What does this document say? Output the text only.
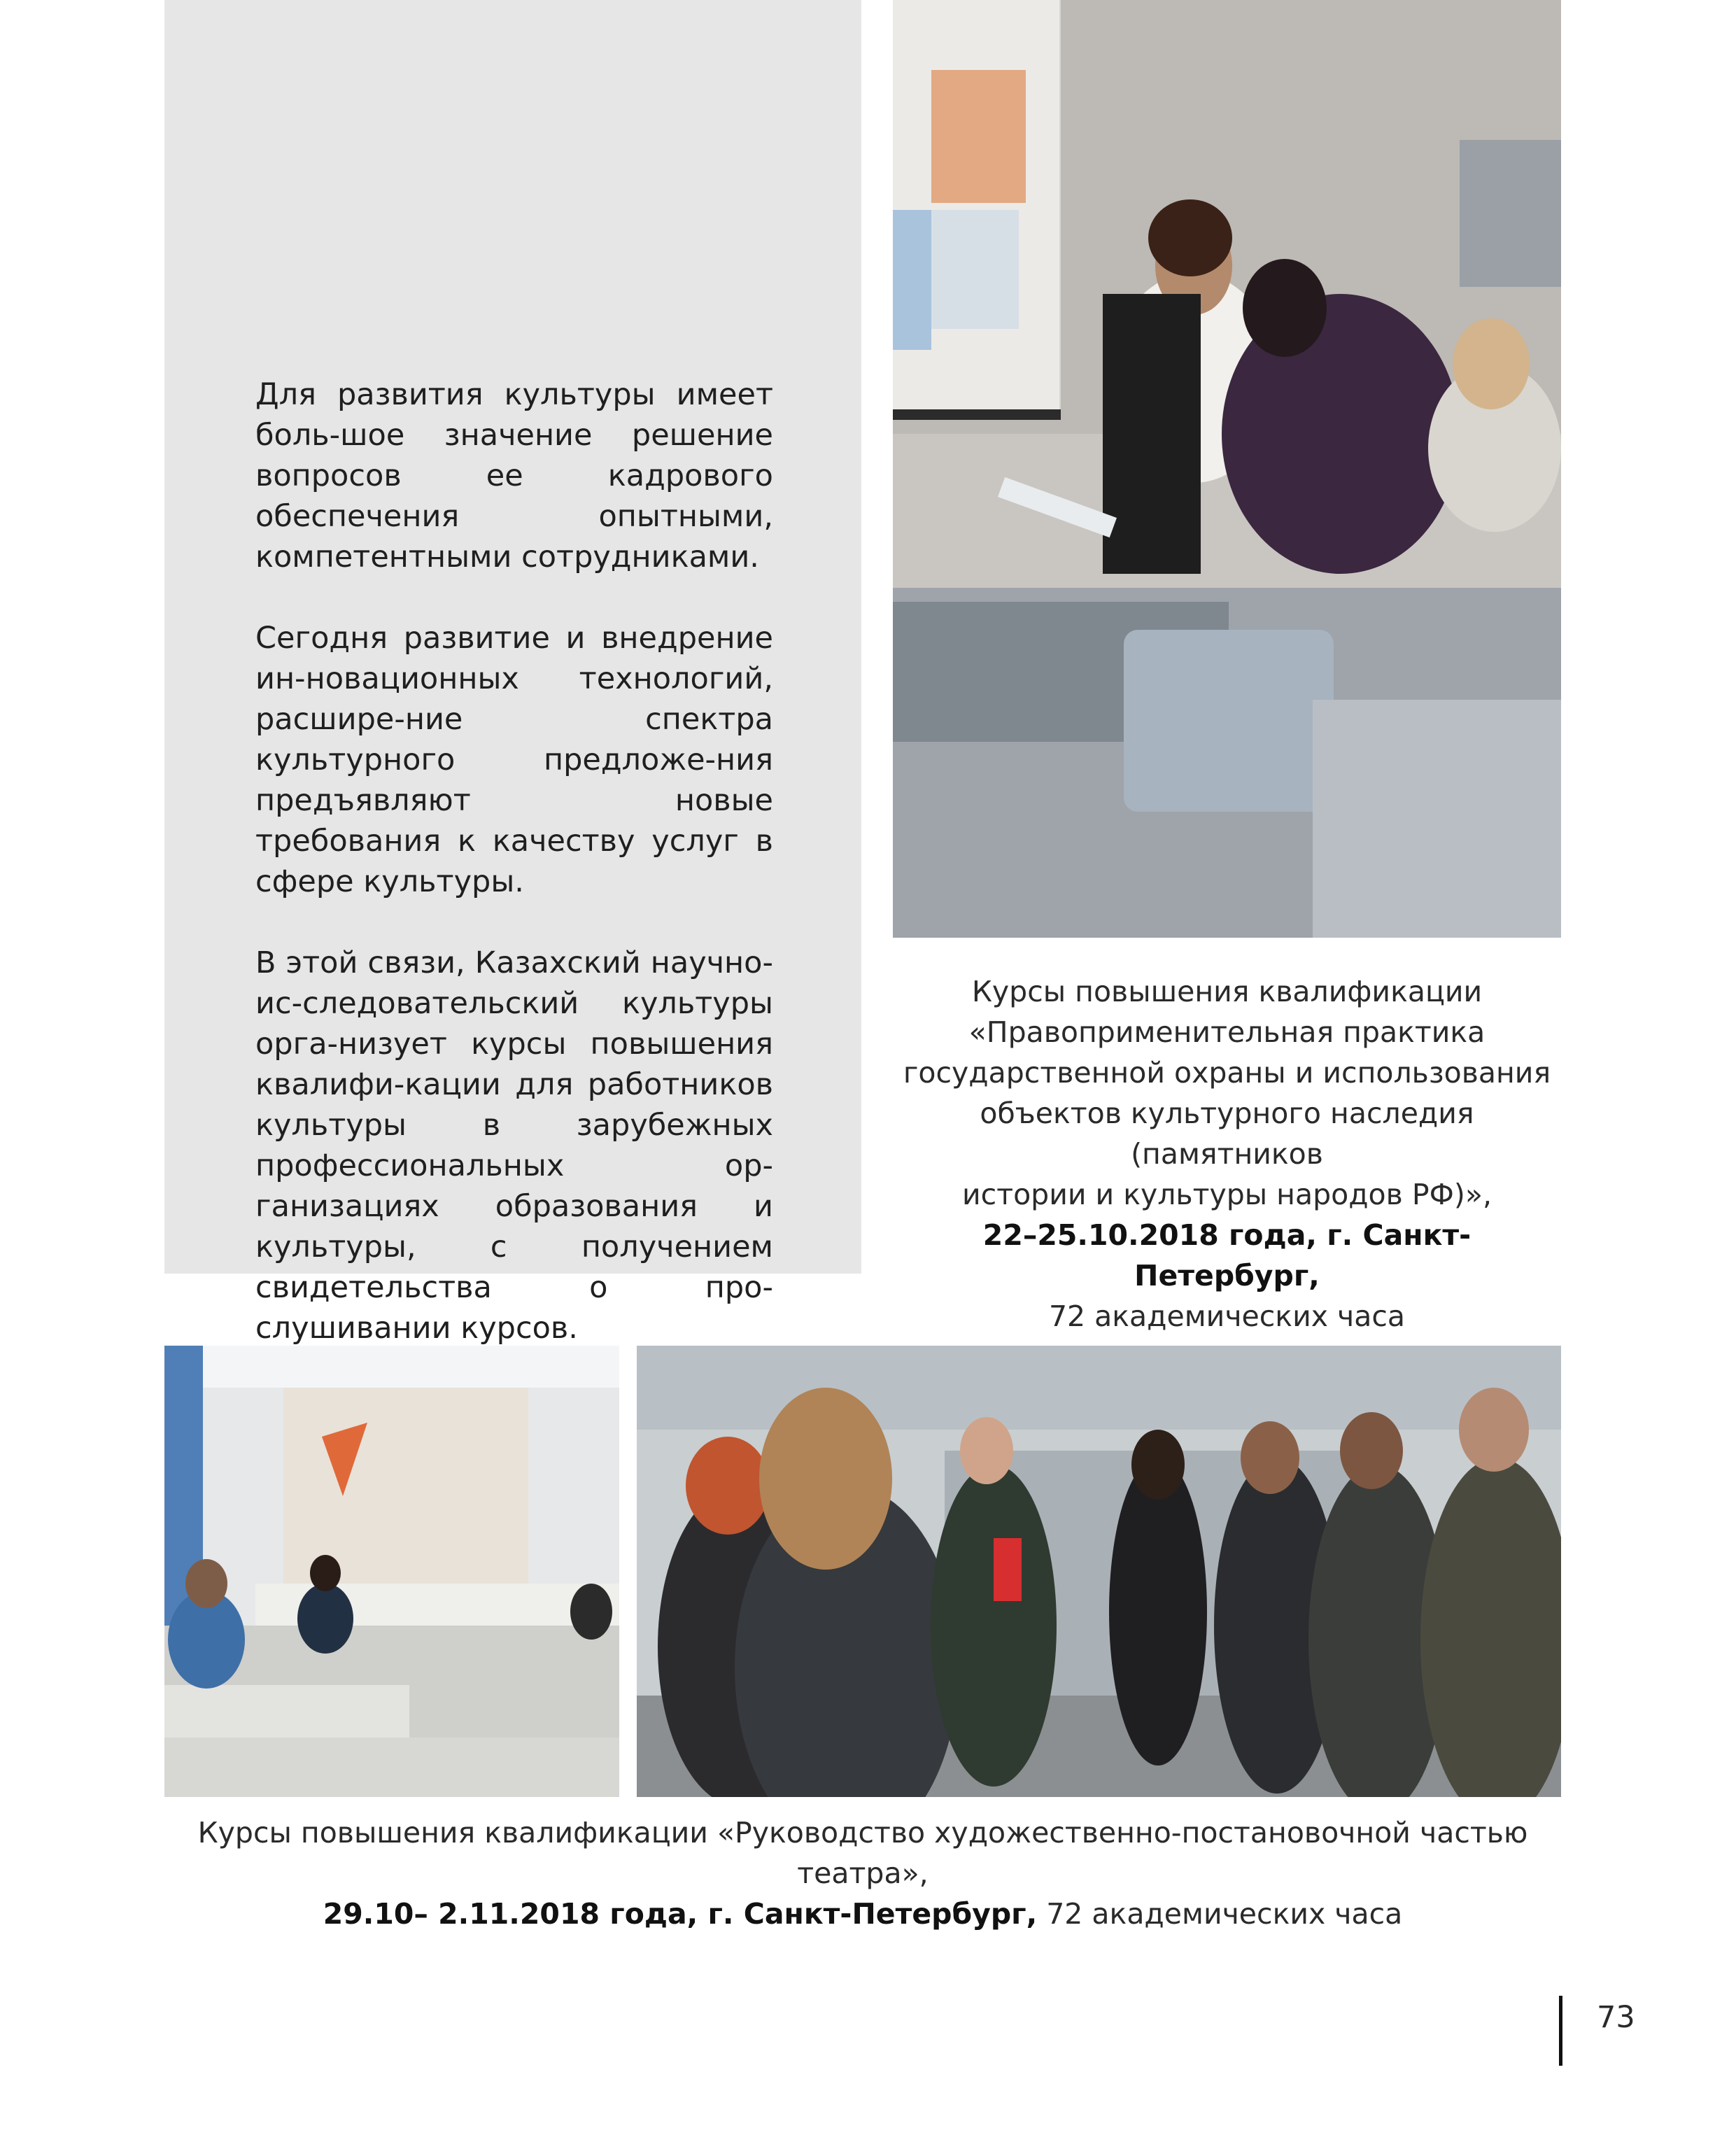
Для развития культуры имеет боль-шое значение решение вопросов ее кадрового обеспечения опытными, компетентными сотрудниками.

Сегодня развитие и внедрение ин-новационных технологий, расшире-ние спектра культурного предложе-ния предъявляют новые требования к качеству услуг в сфере культуры.

В этой связи, Казахский научно-ис-следовательский культуры орга-низует курсы повышения квалифи-кации для работников культуры в зарубежных профессиональных ор-ганизациях образования и культуры, с получением свидетельства о про-слушивании курсов.

Курсы повышения квалификации
«Правоприменительная практика
государственной охраны и использования
объектов культурного наследия (памятников
истории и культуры народов РФ)»,
22–25.10.2018 года, г. Санкт-Петербург,
72 академических часа
Курсы повышения квалификации «Руководство художественно-постановочной частью театра»,
29.10– 2.11.2018 года, г. Санкт-Петербург, 72 академических часа
73
